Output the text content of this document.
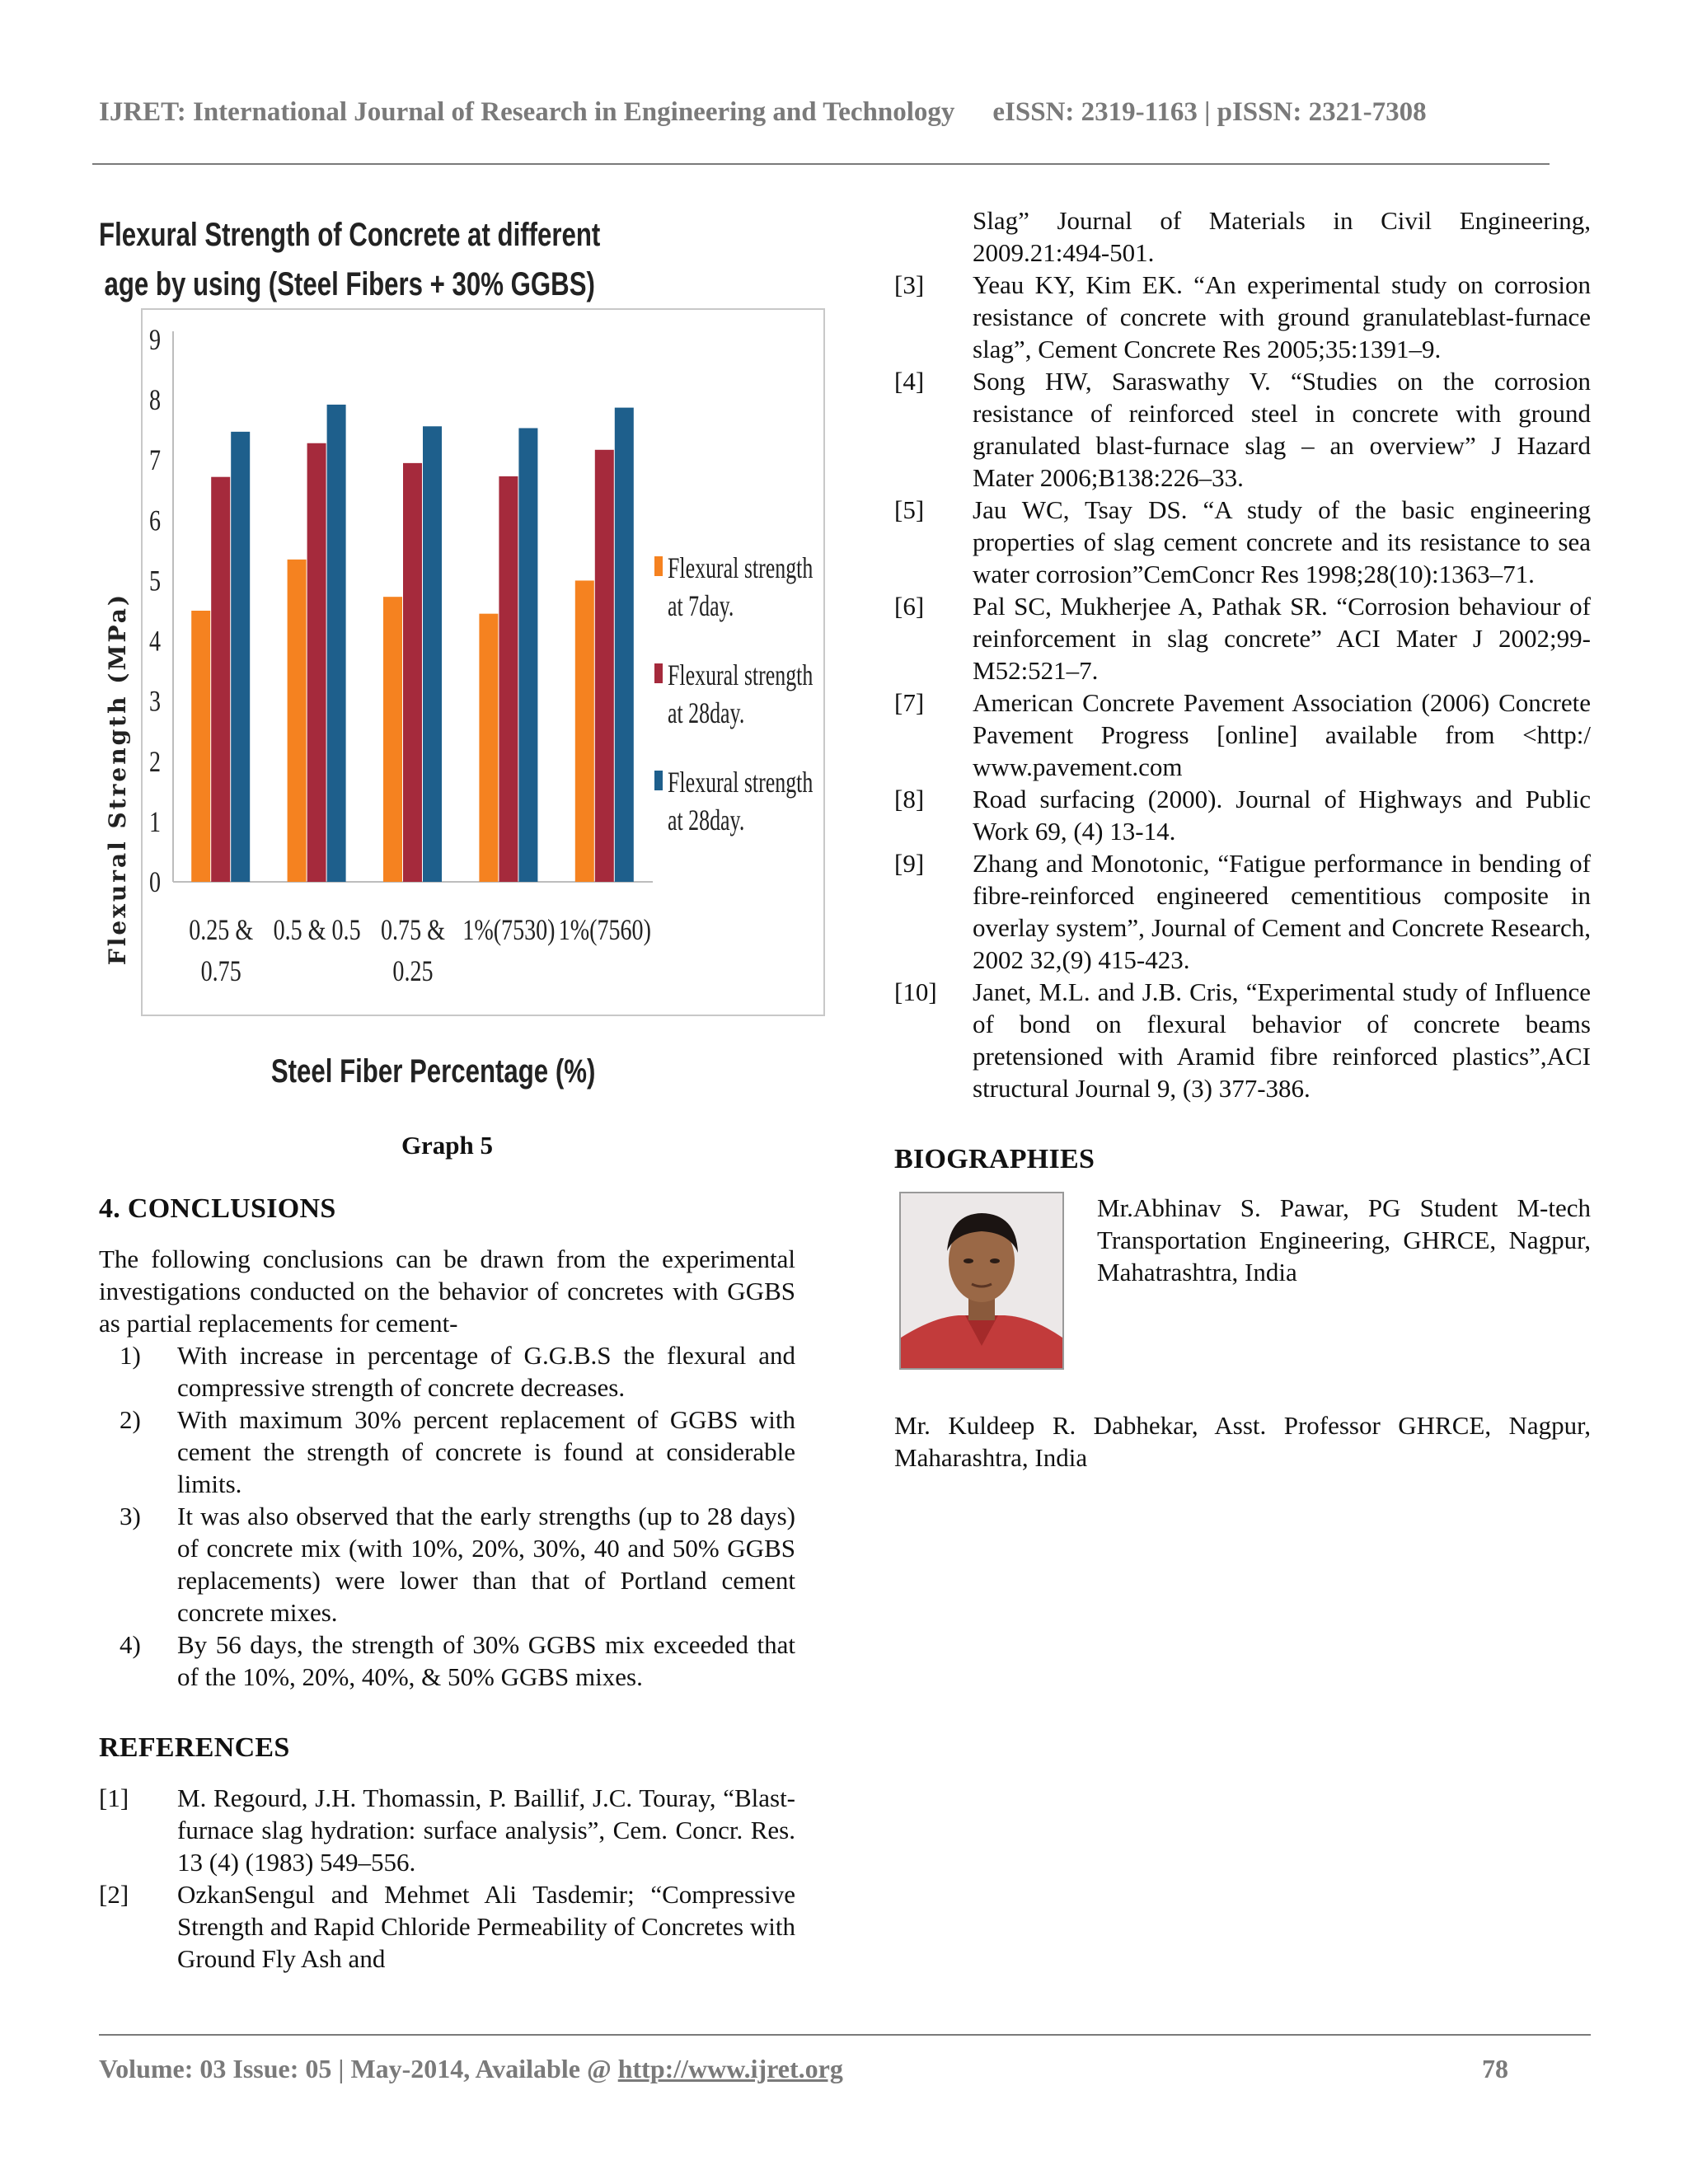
IJRET: International Journal of Research in Engineering and Technology eISSN: 2319-1163 | pISSN: 2321-7308
Flexural Strength of Concrete at different
age by using (Steel Fibers + 30% GGBS)
0
1
2
3
4
5
6
7
8
9
0.25 &
0.75
0.5 & 0.5 0.75 &
0.25
1%(7530) 1%(7560)
Flexural strength
at 7day.
Flexural strength
at 28day.
Flexural strength
at 28day.
Steel Fiber Percentage (%)
Flexural Strength (MPa)
Graph 5
4. CONCLUSIONS

The following conclusions can be drawn from the experimental investigations conducted on the behavior of concretes with GGBS as partial replacements for cement-

1)	With increase in percentage of G.G.B.S the flexural and compressive strength of concrete decreases.
2)	With maximum 30% percent replacement of GGBS with cement the strength of concrete is found at considerable limits.
3)	It was also observed that the early strengths (up to 28 days) of concrete mix (with 10%, 20%, 30%, 40 and 50% GGBS replacements) were lower than that of Portland cement concrete mixes.
4)	By 56 days, the strength of 30% GGBS mix exceeded that of the 10%, 20%, 40%, & 50% GGBS mixes.
REFERENCES
[1]	M. Regourd, J.H. Thomassin, P. Baillif, J.C. Touray, “Blast-furnace slag hydration: surface analysis”, Cem. Concr. Res. 13 (4) (1983) 549–556.
[2]	OzkanSengul and Mehmet Ali Tasdemir; “Compressive Strength and Rapid Chloride Permeability of Concretes with Ground Fly Ash and
Slag” Journal of Materials in Civil Engineering, 2009.21:494-501.
[3]	Yeau KY, Kim EK. “An experimental study on corrosion resistance of concrete with ground granulateblast-furnace slag”, Cement Concrete Res 2005;35:1391–9.
[4]	Song HW, Saraswathy V. “Studies on the corrosion resistance of reinforced steel in concrete with ground granulated blast-furnace slag – an overview” J Hazard Mater 2006;B138:226–33.
[5]	Jau WC, Tsay DS. “A study of the basic engineering properties of slag cement concrete and its resistance to sea water corrosion”CemConcr Res 1998;28(10):1363–71.
[6]	Pal SC, Mukherjee A, Pathak SR. “Corrosion behaviour of reinforcement in slag concrete” ACI Mater J 2002;99-M52:521–7.
[7]	American Concrete Pavement Association (2006) Concrete Pavement Progress [online] available from <http:/ www.pavement.com
[8]	Road surfacing (2000). Journal of Highways and Public Work 69, (4) 13-14.
[9]	Zhang and Monotonic, “Fatigue performance in bending of fibre-reinforced engineered cementitious composite in overlay system”, Journal of Cement and Concrete Research, 2002 32,(9) 415-423.
[10]	Janet, M.L. and J.B. Cris, “Experimental study of Influence of bond on flexural behavior of concrete beams pretensioned with Aramid fibre reinforced plastics”,ACI structural Journal 9, (3) 377-386.
BIOGRAPHIES
Mr.Abhinav S. Pawar, PG Student M-tech Transportation Engineering, GHRCE, Nagpur, Mahatrashtra, India

Mr. Kuldeep R. Dabhekar, Asst. Professor GHRCE, Nagpur, Maharashtra, India

Volume: 03 Issue: 05 | May-2014, Available @ http://www.ijret.org	78
